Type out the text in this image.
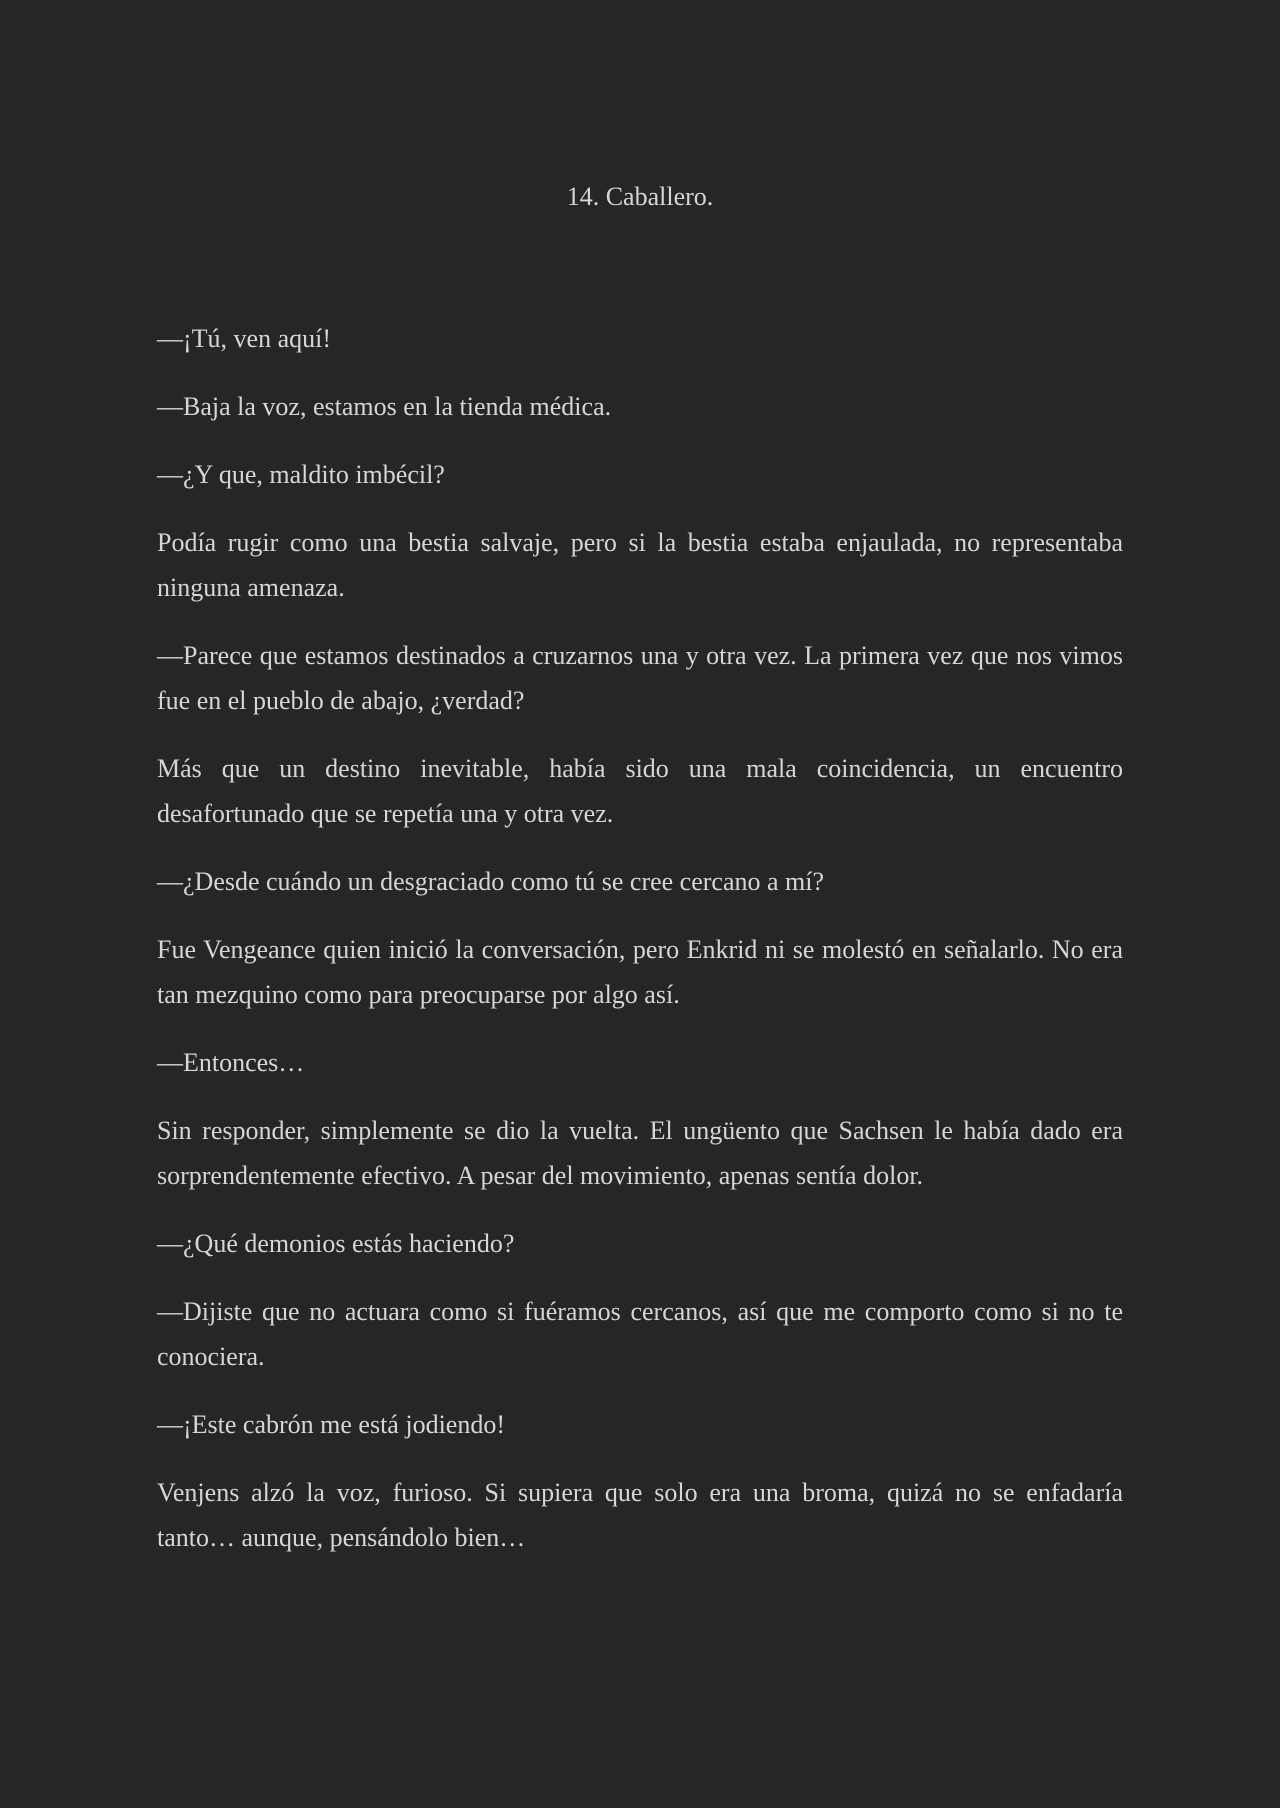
14. Caballero.

—¡Tú, ven aquí!

—Baja la voz, estamos en la tienda médica.

—¿Y que, maldito imbécil?

Podía rugir como una bestia salvaje, pero si la bestia estaba enjaulada, no representaba ninguna amenaza.

—Parece que estamos destinados a cruzarnos una y otra vez. La primera vez que nos vimos fue en el pueblo de abajo, ¿verdad?

Más que un destino inevitable, había sido una mala coincidencia, un encuentro desafortunado que se repetía una y otra vez.

—¿Desde cuándo un desgraciado como tú se cree cercano a mí?

Fue Vengeance quien inició la conversación, pero Enkrid ni se molestó en señalarlo. No era tan mezquino como para preocuparse por algo así.

—Entonces…

Sin responder, simplemente se dio la vuelta. El ungüento que Sachsen le había dado era sorprendentemente efectivo. A pesar del movimiento, apenas sentía dolor.

—¿Qué demonios estás haciendo?

—Dijiste que no actuara como si fuéramos cercanos, así que me comporto como si no te conociera.

—¡Este cabrón me está jodiendo!

Venjens alzó la voz, furioso. Si supiera que solo era una broma, quizá no se enfadaría tanto… aunque, pensándolo bien…
